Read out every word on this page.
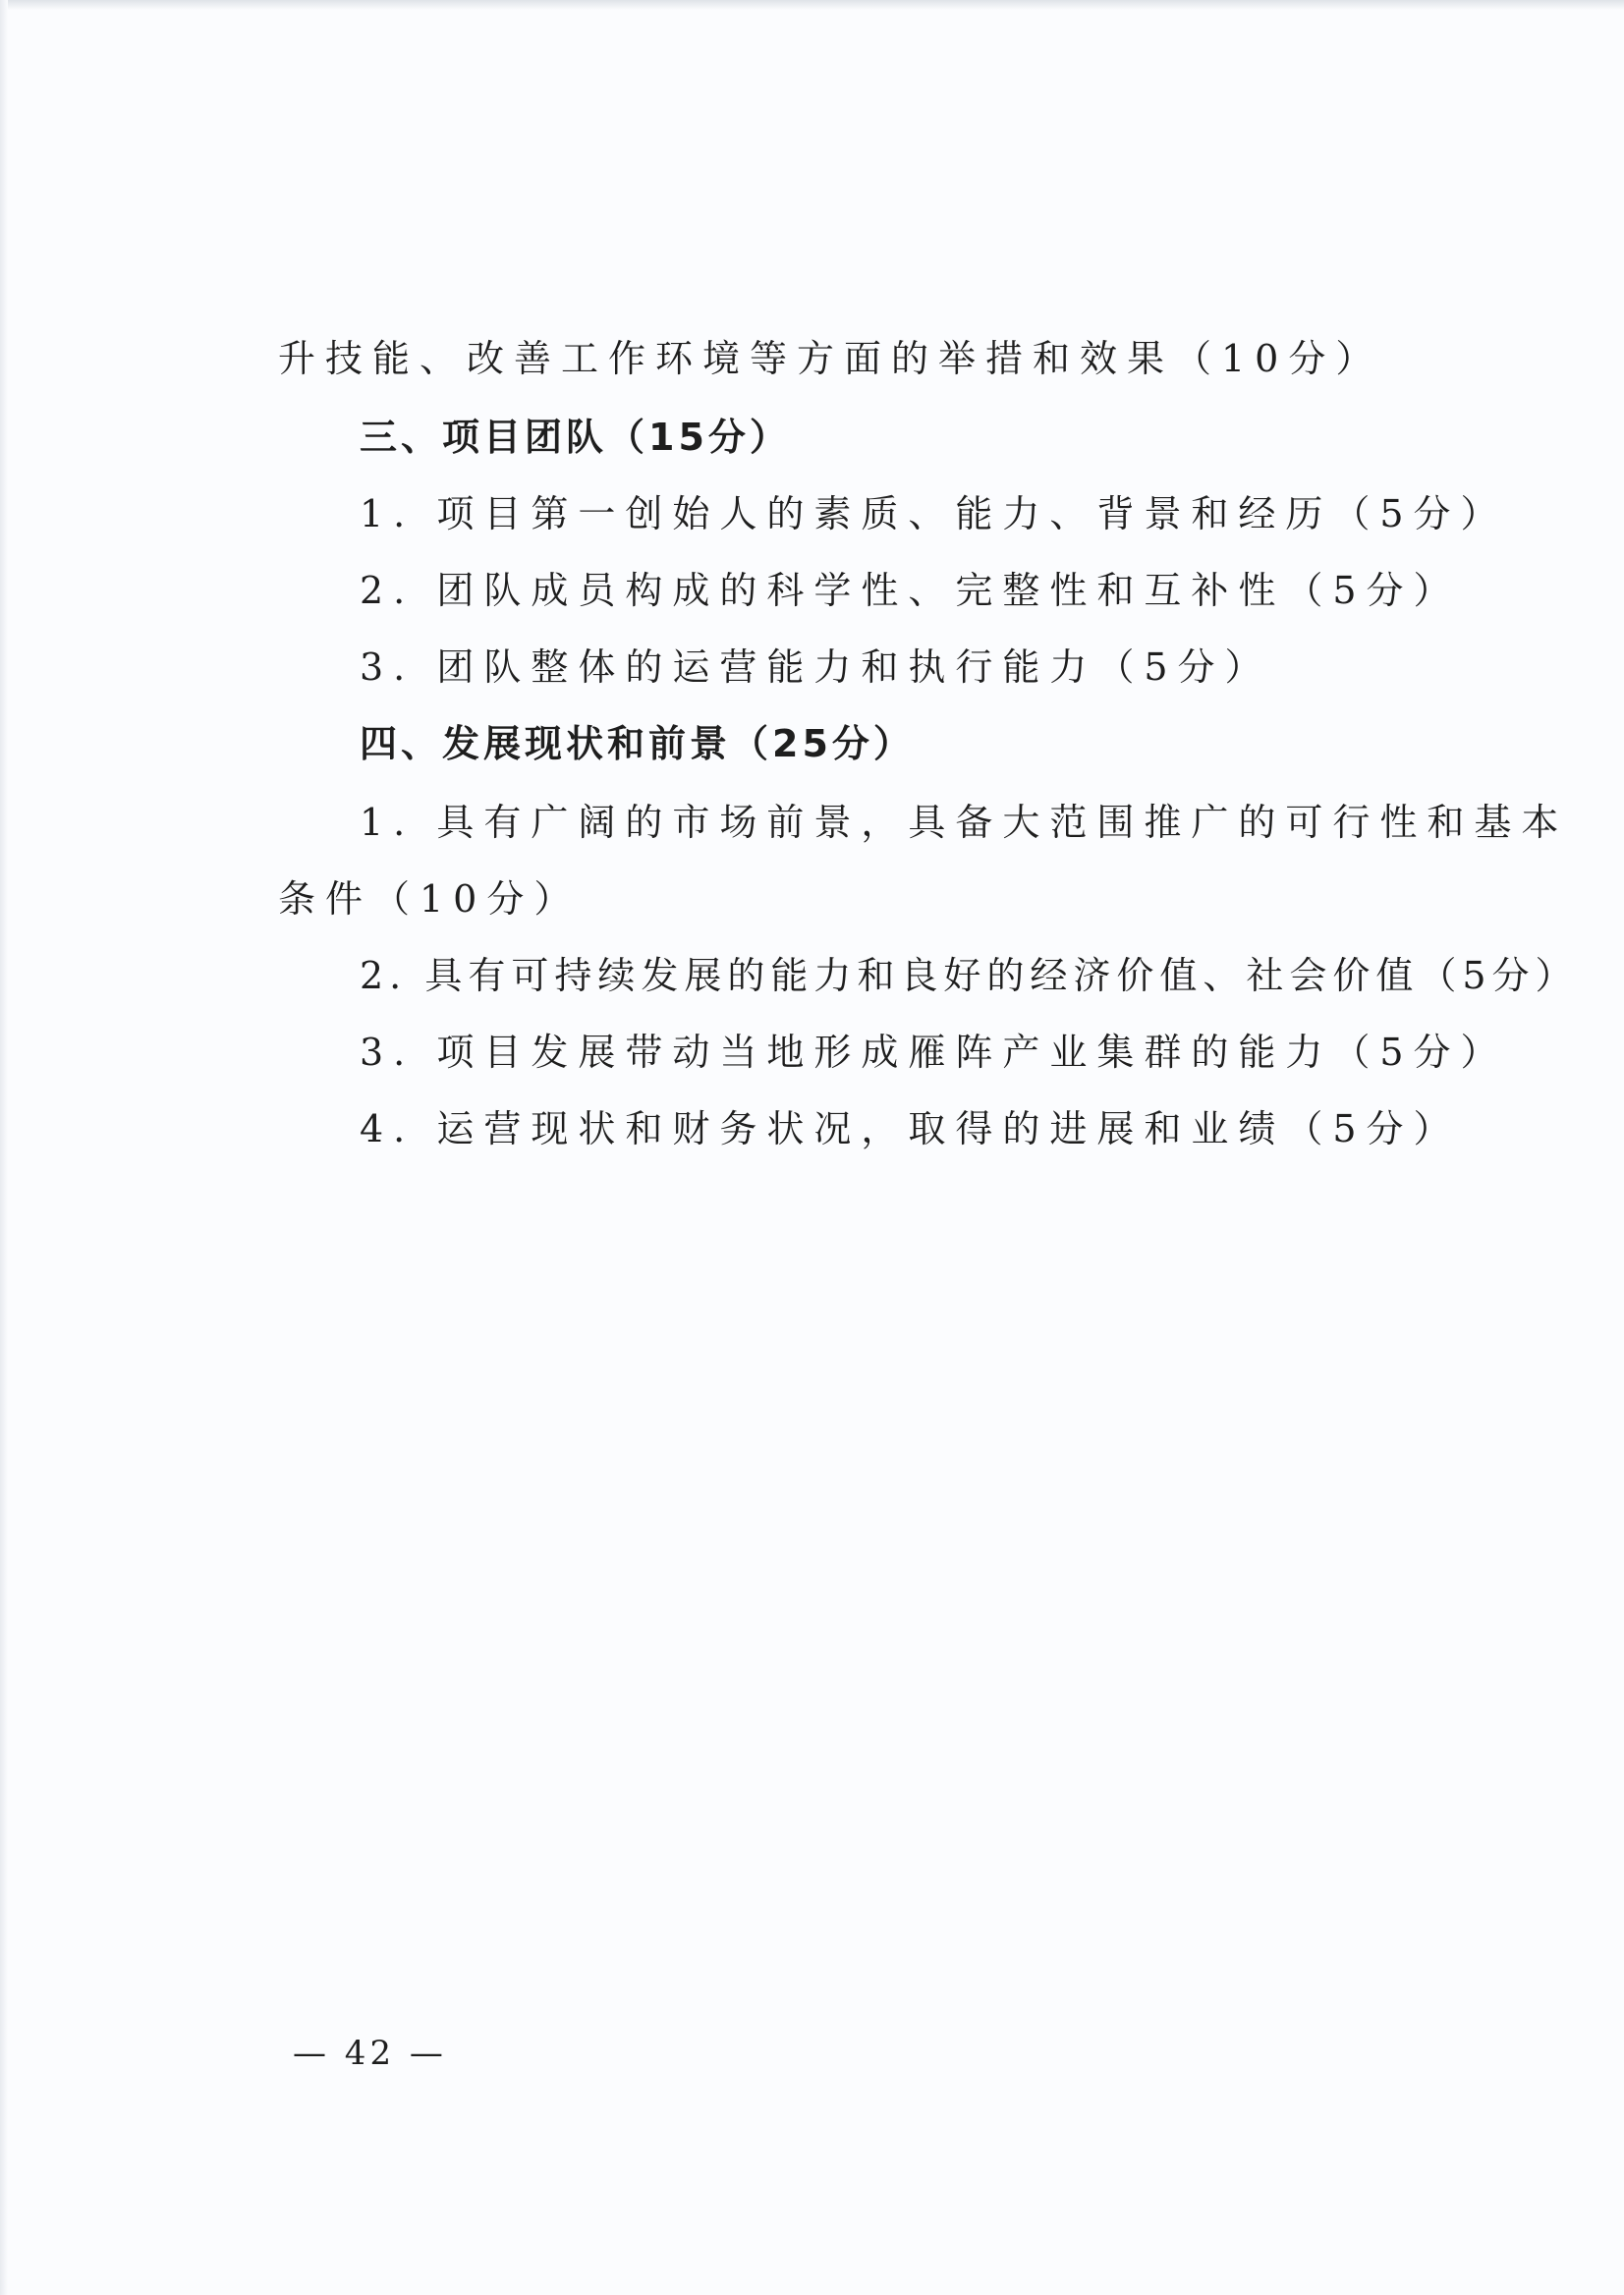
升技能、改善工作环境等方面的举措和效果（10分）
三、项目团队（15分）
1. 项目第一创始人的素质、能力、背景和经历（5分）
2. 团队成员构成的科学性、完整性和互补性（5分）
3. 团队整体的运营能力和执行能力（5分）
四、发展现状和前景（25分）
1. 具有广阔的市场前景，具备大范围推广的可行性和基本
条件（10分）
2. 具有可持续发展的能力和良好的经济价值、社会价值（5分）
3. 项目发展带动当地形成雁阵产业集群的能力（5分）
4. 运营现状和财务状况，取得的进展和业绩（5分）
— 42 —
